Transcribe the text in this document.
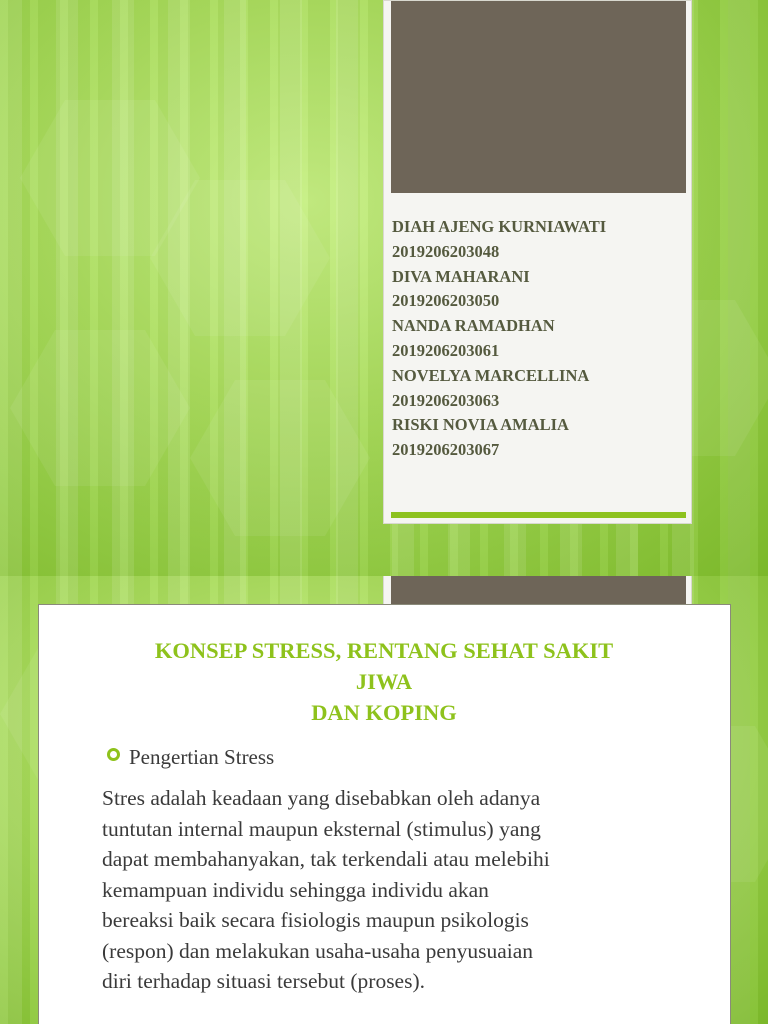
DIAH AJENG KURNIAWATI
2019206203048
DIVA MAHARANI
2019206203050
NANDA RAMADHAN
2019206203061
NOVELYA MARCELLINA
2019206203063
RISKI NOVIA AMALIA
2019206203067
KONSEP STRESS, RENTANG SEHAT SAKIT
JIWA
DAN KOPING
Pengertian Stress
Stres adalah keadaan yang disebabkan oleh adanya
tuntutan internal maupun eksternal (stimulus) yang
dapat membahanyakan, tak terkendali atau melebihi
kemampuan individu sehingga individu akan
bereaksi baik secara fisiologis maupun psikologis
(respon) dan melakukan usaha-usaha penyusuaian
diri terhadap situasi tersebut (proses).
